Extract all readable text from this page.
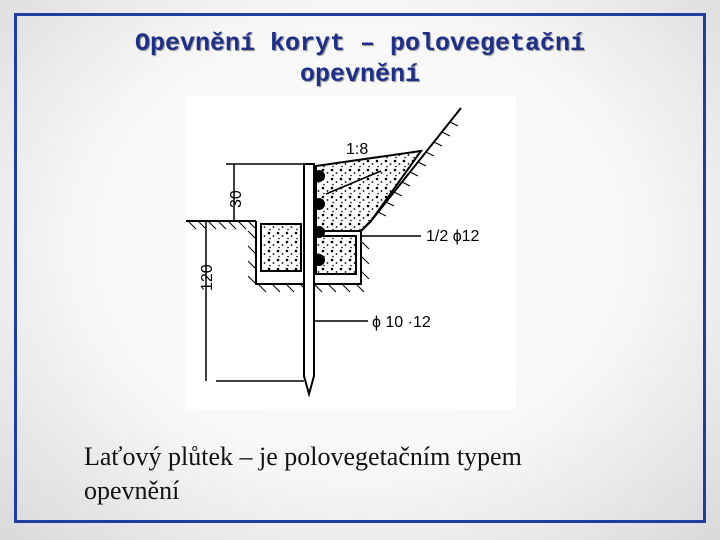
Opevnění koryt – polovegetační
opevnění
1:8
30
120
1/2 ϕ12
ϕ 10 ·12
Laťový plůtek – je polovegetačním typem
opevnění
